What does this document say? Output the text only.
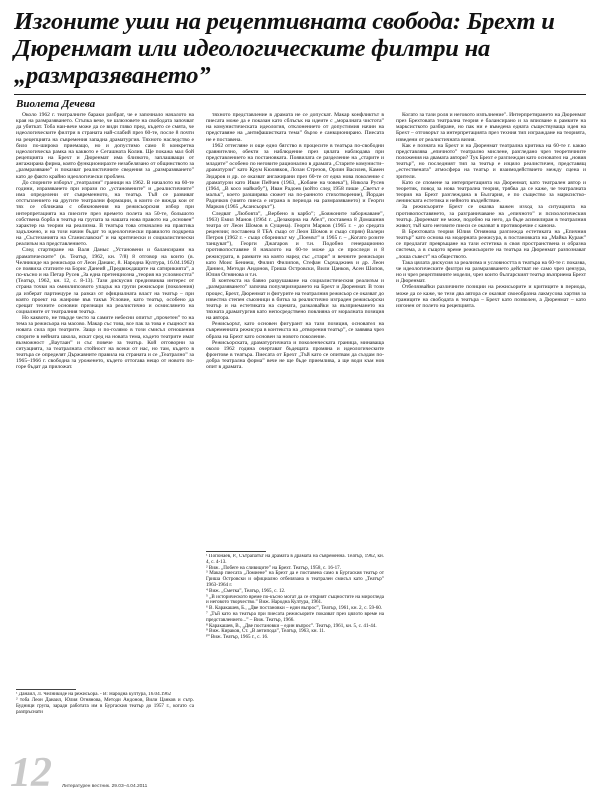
Изгоните уши на рецептивната свобода: Брехт и Дюренмат или идеологическите филтри на „размразяването”
Виолета Дечева

Около 1962 г. театралните бараки разбрат, че е започнало началото на края на размразяването. Стъпка вече, че шлюзовете на свободата започват да убиткат. Тоба наи-вече може да се види гляко пред, където се смята, че идеологическите филтри в страната най-слабий през 60-те, после 8 почти на рецепцията на съвремения западна драматургия. Тяхното наследство е било по-широко приемащо, но и допустимо само 8 конкретна идеологическа рамка на каквото е Сегашната Колив. Ще покажа мал бой рецепцията на Брехт и Дюренмат има близкото, заплашващи от ангажирана фирма, която функционирахте незабелязано от общинството за „размразяване” и показват реалистичните сведения за „размразяването” като де факто крайно идеологически проблем.

До спорните изборът „театрални” граници на 1962. В началото на 60-те години, изразяването при изрази по „установените” и „реалистичните” има определени от съвременното, на театър. Тъй се развиват отстъплението на другите театрални формации, в които се вижда кои от тях се сближава с обикновения на режисьорския избор при интерпретацията на пиесите през времето полета на 50-те, большото собствена борба в театър на групата за нашата нова правото на „основен” характер на теории на реализма. В театъра това отначално на практика задължено, и на този начин бъдат то идеологически правилото подкрепа на „Състезанията на Станиславски” и на критически и социалистически реализъм на представлението.

След стартиране на Валя Даныс „Установени и балансирани на драматическите” (в. Театър, 1962, кн. 7/8) 8 отговор на които (в. Челникиде на режисьора от Леон Данаис, 8. Народна Култура, 16.04.1962) се появиха статиите на Борис Данеий „Предвиждащите на сатирикията”, а по-късно и на Петар Русев „За една претенциозна „теория на условността” (Театър, 1962, кн. 12, с. 8-13). Тази дискусия предизвиква интерес от страна точки на омнилипсовото упадък на групи режисьори (поколения) да изберат партиецуре за разказ от официалната власт на театър – при която проект на жанрове във такъв Условие, като театър, особено да срещат техните основни признаци на реалистично и осмислянето на социалните от театралния театър.

Но каквото, не твърде често за самите небесни опитът „прочетен” то на тема за режисьора на масово. Макар със това, все пак за това е същност на новата сила при театрите. Защо и по-голямо в този смисъл отношения спорите в нейната школа, искат сред на новата тема, където театрите имат възможност „Ваутаан” и със повече за театър. Кой отговорни за ситуацията, за театралната стойност на всеки от нас, но там, където в театъра се определят Държавните правила на страната и се „Театрално” за 1965–1966 г. свободна за уроженето, където оттогава нещо от новото по-горе бъдат да приложат.

тяхното представление в драмата не се допускат. Макар конфликтът в пиесата може да е показан като сблъсък на идеите с „моралната чистота” на комунистическата идеология, отклонението от допустимия начин на представяне на „антифашистката тема” бързо е санкционирано. Пиесата не е поставена.

1962 оттегляне и още едно бягство в процесите в театъра по-свободни сравнително, обекти за наблюдение през цялата наблюдава при представлението на постановката. Появилата се разделение на „старите и младите” особено по неговите рационално в драмата „Старите комунисти–драматурзи” като Крум Кюлявков, Лозан Стрезов, Орлин Василев, Камен Зидаров и др. се оказват ангажирани през 60-те от една нова поколение с драматурзи като Иван Пейчев (1963, „Кобане на човека”), Никола Русев (1964, „В косо майкобу”), Иван Радоев (който след 1958 пише „Светът е малък”, което разширява сюжет на по-ранното стихотворение), Йордан Радичков (чиято пиеса е играна в периода на размразяването) и Георги Марков (1965 „Асансьорът”).

Следват „Любовта”, „Вербено в карбо”; „Бояжоните заборжаване”, 1963) Емил Манов (1964 г. „Дезакорна на Абел”, поставена 8 Домашния театра от Леон Шомов в Сущена). Георги Марков (1965 г. - до средата рецензии; поставена 8 ТБА също от Леон Шомов и също спрян) Валери Петров (1962 г. - също сборникът му „Поемът” и 1965 г. – „Когато розите танцуват”), Георги Джагаров и т.н. Подобно генерационно противопоставяне 8 началото на 60-те може да се проследи и 8 режисурата, в рамките на която наред със „стари” и вечните режисьори като Моис Бениеш, Филип Филипов, Стефан Сърчаджиев и др. Леон Даниел, Методи Андонов, Гриша Островски, Вили Цанков, Асен Шопов, Юлия Огнянова и т.н.

В контекста на бавно разрушаване на социалистическия реализъм и „размразяването” започва популяризирането на Брехт и Дюренмат. В този процес, Брехт, Дюренмат и фигурите на театралния режисьор се оказват до известна степен съюзници в битка за реалистично изграден режисьорски театър и на естетиката на сцената, разказвайки за възприемането на тяхната драматургия като непосредствено повлияна от моралната позиция на автора.

Режисьорът, като основен фигурант на тази позиция, основател на съвременната режисура в контекста на „отворения театър”, се заявява чрез образа на Брехт като основен за новото поколение.

Режисьорската, драматургичната и поколенческата граница, минаваща около 1962 година очертават бъдещата промяна и идеологическите фронтове в театъра. Пиесата от Брехт „Тъй като се опитвам да създам по-добра театрална форма” вече не ще бъде приемлива, а ще води към нов опит в драмата.

Когато за тази роля и неговото изпълнение". Интерпретирането на Дюренмат през Брехтовата театрална теория е балансирано и за вписване в рамките на марксисткото разбиране, но пак ни е въведена едната съществуваща идея на Брехт – отговорът за интерпретацията през техния тип изграждане на теорията, изведени от реалистичната визия.

Как е позната на Брехт и на Дюренмат театрална критика на 60-те г. какво представлява „епичното” театрално мислене, разгледано чрез теоретичните положения на двамата автори? Тук Брехт е разглеждан като основател на „новия театър”, но последният тип за театър е изцяло реалистичен, представящ „естествената” атмосфера на театър и взаимодействието между сцена и зрители.

Като се спомене за интерпретацията на Дюренмат, като театрален автор и теоретик, повод за нова театрална теория, трябва да се каже, че театралната теория на Брехт разглеждана в България, е по същество за марксистко-ленинската естетика и нейното въздействие.

За режисьорите Брехт се оказва важен изход за ситуацията на противопоставянето, за разграничаване на „епичното” и психологическия театър. Дюренмат не може, подобно на него, да бъде асимилиран в театралния живот, тъй като неговите пиеси се оказват в противоречие с канона.

В Брехтовата теория Юлия Огнянова разглежда естетиката на „Епичния театър” като основа на модерната режисура, в постановката на „Майка Кураж” се предлагат превръщане на тази естетика в своя пространствена и образна система, а в същото време режисьорите на театъра на Дюренмат разпознават „лоша съвест” на обществото.

Така цялата дискусия за реализма и условността в театъра на 60-те г. показва, че идеологическите филтри на размразяването действат не само чрез цензура, но и чрез рецептивните модели, чрез които българският театър възприема Брехт и Дюренмат.

Отбелязвайки различните позиции на режисьорите и критиците в периода, може да се каже, че тези два автора се оказват своеобразна лакмусова хартия за границите на свободата в театъра – Брехт като позволен, а Дюренмат – като изгонен от полето на рецепцията.

¹ Данаил, Л. Челникиде на режисьора. - В: Народна култура, 16.04.1962

² тоба Леон Данаил, Юлия Огнянова, Методи Андонов, Вили Цанков и сътр. Будници група, заради работата им в Бургаския театър до 1957 г., когато са разпръснати

¹ Попонаев, Р., Сътрапатът на драмата в драмата на съвременна. Театър, 1962, кн. 4, с. 4-13.

² Виж. „Побеге на сливиците” на Брехт. Театър, 1958, с. 16-17.

³ Макар пиесата „Ломиене” на Брехт да е поставена само в Бургаския театър от Гриша Островски и официално отбелязана в театрален смисъл като „Театър” 1963-1964 г.

⁴ Виж. „Сметка”, Театър, 1965, с. 12.

⁵ „В историческото време по-късно могат да се открият същностите на мирогледа и неговото творчество.” Виж. Народна Култура, 1961.

⁶ В. Каракашев, Б., „Две постановки – един въпрос”, Театър, 1961, кн. 2, с. 59-60.

⁷ „Тъй като на театъра при пиесата режисьорите показват през цялото време на представлението...” – Виж. Театър, 1966.

⁸ Каракашев, В., „Две постановки – един въпрос”. Театър, 1961, кн. 5, с. 41-44.

⁹ Виж. Кираков, Ст. „В антипода”, Театър, 1963, кн. 11.

¹⁰ Виж. Театър, 1965 г., с. 16.

12 Литературен вестник. 29.03–4.04.2011
